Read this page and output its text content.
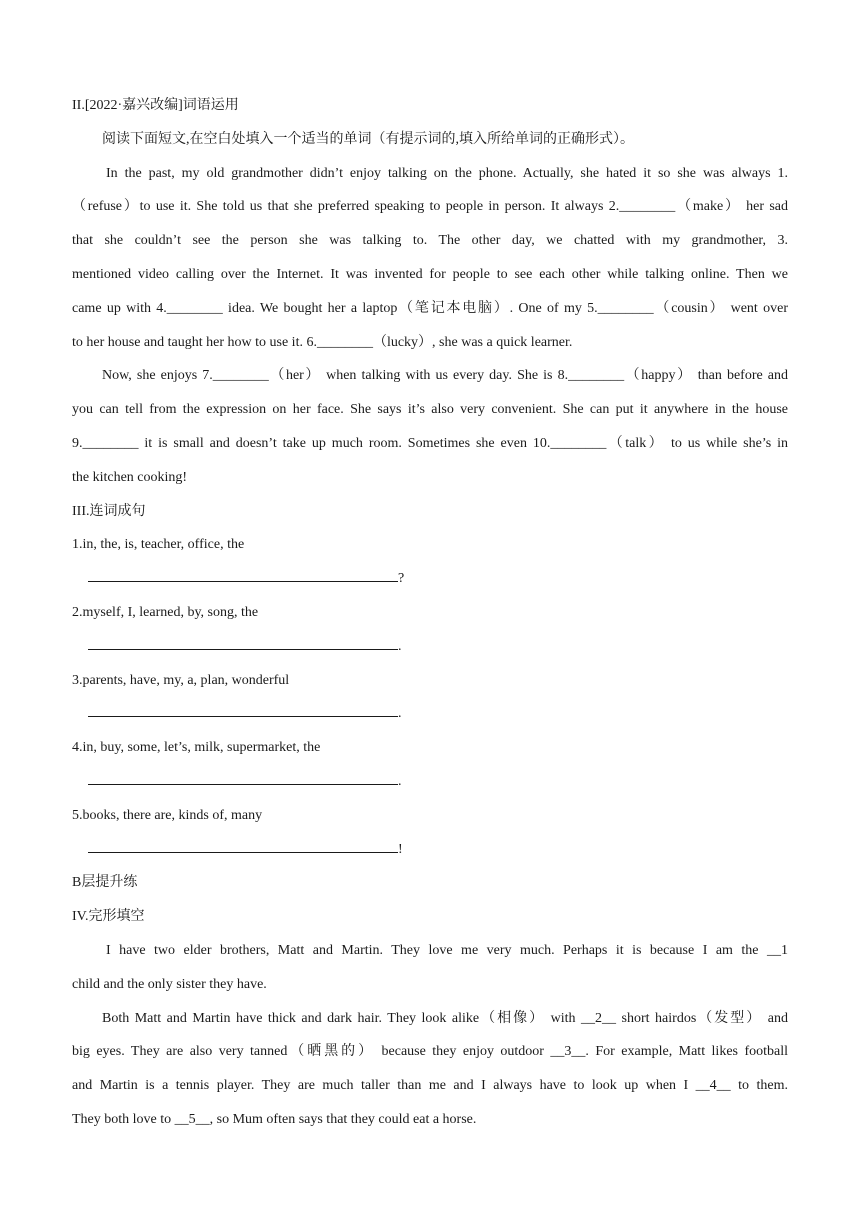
II.[2022·嘉兴改编]词语运用
阅读下面短文,在空白处填入一个适当的单词（有提示词的,填入所给单词的正确形式）。
In the past, my old grandmother didn’t enjoy talking on the phone. Actually, she hated it so she was always 1.
（refuse）to use it. She told us that she preferred speaking to people in person. It always 2.________（make） her sad
that she couldn’t see the person she was talking to. The other day, we chatted with my grandmother, 3.
mentioned video calling over the Internet. It was invented for people to see each other while talking online. Then we
came up with 4.________ idea. We bought her a laptop（笔记本电脑）. One of my 5.________（cousin） went over
to her house and taught her how to use it. 6.________（lucky）, she was a quick learner.
Now, she enjoys 7.________（her） when talking with us every day. She is 8.________（happy） than before and
you can tell from the expression on her face. She says it’s also very convenient. She can put it anywhere in the house
9.________ it is small and doesn’t take up much room. Sometimes she even 10.________（talk） to us while she’s in
the kitchen cooking!
III.连词成句
1.in, the, is, teacher, office, the
?
2.myself, I, learned, by, song, the
.
3.parents, have, my, a, plan, wonderful
.
4.in, buy, some, let’s, milk, supermarket, the
.
5.books, there are, kinds of, many
!
B层提升练
IV.完形填空
I have two elder brothers, Matt and Martin. They love me very much. Perhaps it is because I am the __1
child and the only sister they have.
Both Matt and Martin have thick and dark hair. They look alike（相像） with __2__ short hairdos（发型） and
big eyes. They are also very tanned（晒黑的） because they enjoy outdoor __3__. For example, Matt likes football
and Martin is a tennis player. They are much taller than me and I always have to look up when I __4__ to them.
They both love to __5__, so Mum often says that they could eat a horse.
